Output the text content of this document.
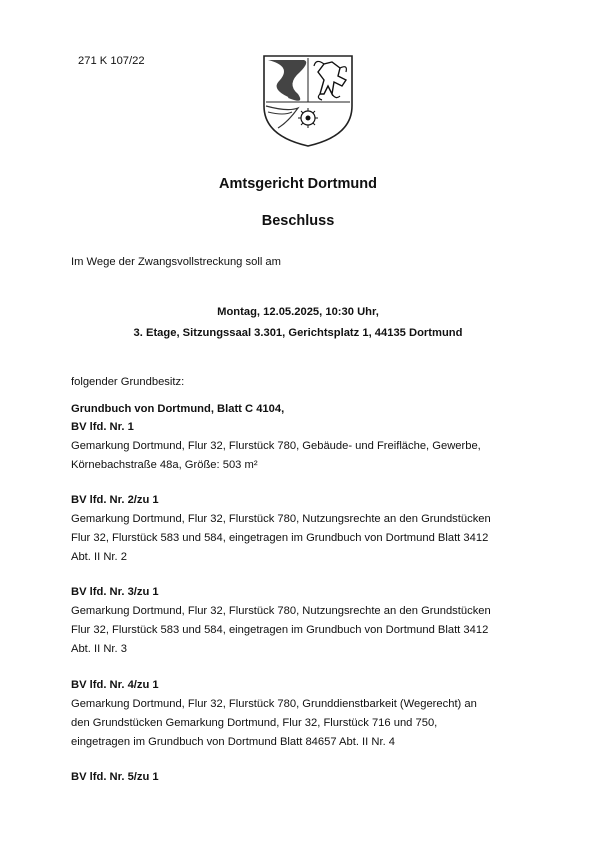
271 K 107/22
Amtsgericht Dortmund
Beschluss
Im Wege der Zwangsvollstreckung soll am
Montag, 12.05.2025, 10:30 Uhr,
3. Etage, Sitzungssaal 3.301, Gerichtsplatz 1, 44135 Dortmund
folgender Grundbesitz:
Grundbuch von Dortmund, Blatt C 4104,
BV lfd. Nr. 1
Gemarkung Dortmund, Flur 32, Flurstück 780, Gebäude- und Freifläche, Gewerbe,
Körnebachstraße 48a, Größe: 503 m²
BV lfd. Nr. 2/zu 1
Gemarkung Dortmund, Flur 32, Flurstück 780, Nutzungsrechte an den Grundstücken
Flur 32, Flurstück 583 und 584, eingetragen im Grundbuch von Dortmund Blatt 3412
Abt. II Nr. 2
BV lfd. Nr. 3/zu 1
Gemarkung Dortmund, Flur 32, Flurstück 780, Nutzungsrechte an den Grundstücken
Flur 32, Flurstück 583 und 584, eingetragen im Grundbuch von Dortmund Blatt 3412
Abt. II Nr. 3
BV lfd. Nr. 4/zu 1
Gemarkung Dortmund, Flur 32, Flurstück 780, Grunddienstbarkeit (Wegerecht) an
den Grundstücken Gemarkung Dortmund, Flur 32, Flurstück 716 und 750,
eingetragen im Grundbuch von Dortmund Blatt 84657 Abt. II Nr. 4
BV lfd. Nr. 5/zu 1
